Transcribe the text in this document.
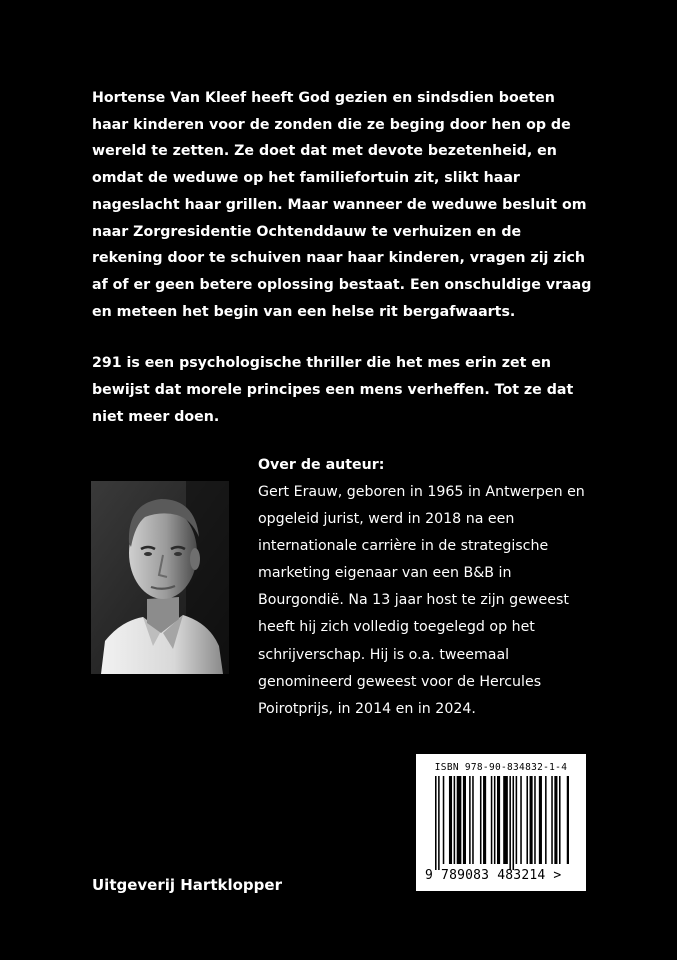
Hortense Van Kleef heeft God gezien en sindsdien boeten haar kinderen voor de zonden die ze beging door hen op de wereld te zetten. Ze doet dat met devote bezetenheid, en omdat de weduwe op het familiefortuin zit, slikt haar nageslacht haar grillen. Maar wanneer de weduwe besluit om naar Zorgresidentie Ochtenddauw te verhuizen en de rekening door te schuiven naar haar kinderen, vragen zij zich af of er geen betere oplossing bestaat. Een onschuldige vraag en meteen het begin van een helse rit bergafwaarts.

291 is een psychologische thriller die het mes erin zet en bewijst dat morele principes een mens verheffen. Tot ze dat niet meer doen.

Over de auteur:
Gert Erauw, geboren in 1965 in Antwerpen en opgeleid jurist, werd in 2018 na een internationale carrière in de strategische marketing eigenaar van een B&B in Bourgondië. Na 13 jaar host te zijn geweest heeft hij zich volledig toegelegd op het schrijverschap. Hij is o.a. tweemaal genomineerd geweest voor de Hercules Poirotprijs, in 2014 en in 2024.
ISBN 978-90-834832-1-4
9 789083 483214 >
Uitgeverij Hartklopper
